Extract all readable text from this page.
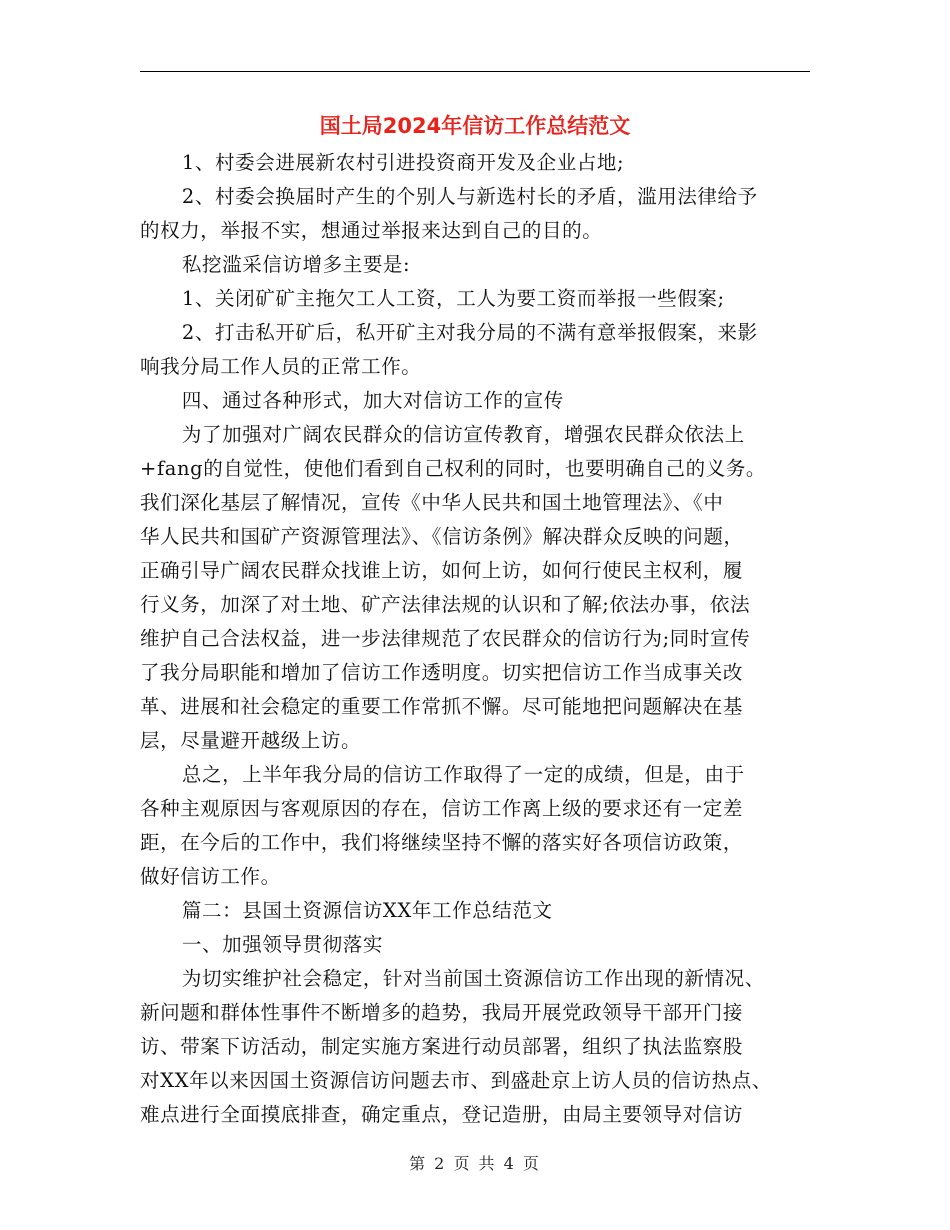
国土局2024年信访工作总结范文

1、村委会进展新农村引进投资商开发及企业占地;

2、村委会换届时产生的个别人与新选村长的矛盾，滥用法律给予

的权力，举报不实，想通过举报来达到自己的目的。

私挖滥采信访增多主要是:

1、关闭矿矿主拖欠工人工资，工人为要工资而举报一些假案;

2、打击私开矿后，私开矿主对我分局的不满有意举报假案，来影

响我分局工作人员的正常工作。

四、通过各种形式，加大对信访工作的宣传

为了加强对广阔农民群众的信访宣传教育，增强农民群众依法上

+fang的自觉性，使他们看到自己权利的同时，也要明确自己的义务。

我们深化基层了解情况，宣传《中华人民共和国土地管理法》、《中

华人民共和国矿产资源管理法》、《信访条例》解决群众反映的问题，

正确引导广阔农民群众找谁上访，如何上访，如何行使民主权利，履

行义务，加深了对土地、矿产法律法规的认识和了解;依法办事，依法

维护自己合法权益，进一步法律规范了农民群众的信访行为;同时宣传

了我分局职能和增加了信访工作透明度。切实把信访工作当成事关改

革、进展和社会稳定的重要工作常抓不懈。尽可能地把问题解决在基

层，尽量避开越级上访。

总之，上半年我分局的信访工作取得了一定的成绩，但是，由于

各种主观原因与客观原因的存在，信访工作离上级的要求还有一定差

距，在今后的工作中，我们将继续坚持不懈的落实好各项信访政策，

做好信访工作。

篇二：县国土资源信访XX年工作总结范文

一、加强领导贯彻落实

为切实维护社会稳定，针对当前国土资源信访工作出现的新情况、

新问题和群体性事件不断增多的趋势，我局开展党政领导干部开门接

访、带案下访活动，制定实施方案进行动员部署，组织了执法监察股

对XX年以来因国土资源信访问题去市、到盛赴京上访人员的信访热点、

难点进行全面摸底排查，确定重点，登记造册，由局主要领导对信访

第 2 页 共 4 页
